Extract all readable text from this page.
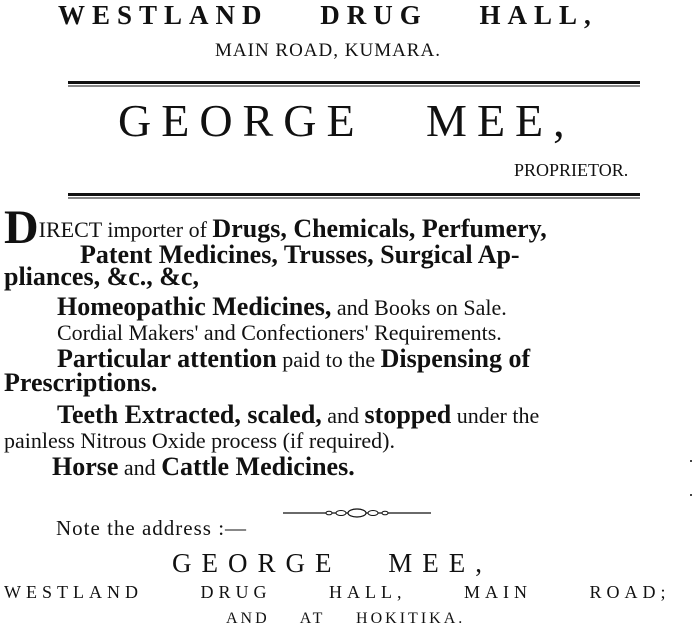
WESTLAND DRUG HALL,
MAIN ROAD, KUMARA.
GEORGE MEE,
PROPRIETOR.
DIRECT importer of Drugs, Chemicals, Perfumery,
Patent Medicines, Trusses, Surgical Ap-
pliances, &c., &c,
Homeopathic Medicines, and Books on Sale.
Cordial Makers' and Confectioners' Requirements.
Particular attention paid to the Dispensing of
Prescriptions.
Teeth Extracted, scaled, and stopped under the
painless Nitrous Oxide process (if required).
Horse and Cattle Medicines.
Note the address :—
GEORGE MEE,
WESTLAND DRUG HALL, MAIN ROAD;
AND AT HOKITIKA.
